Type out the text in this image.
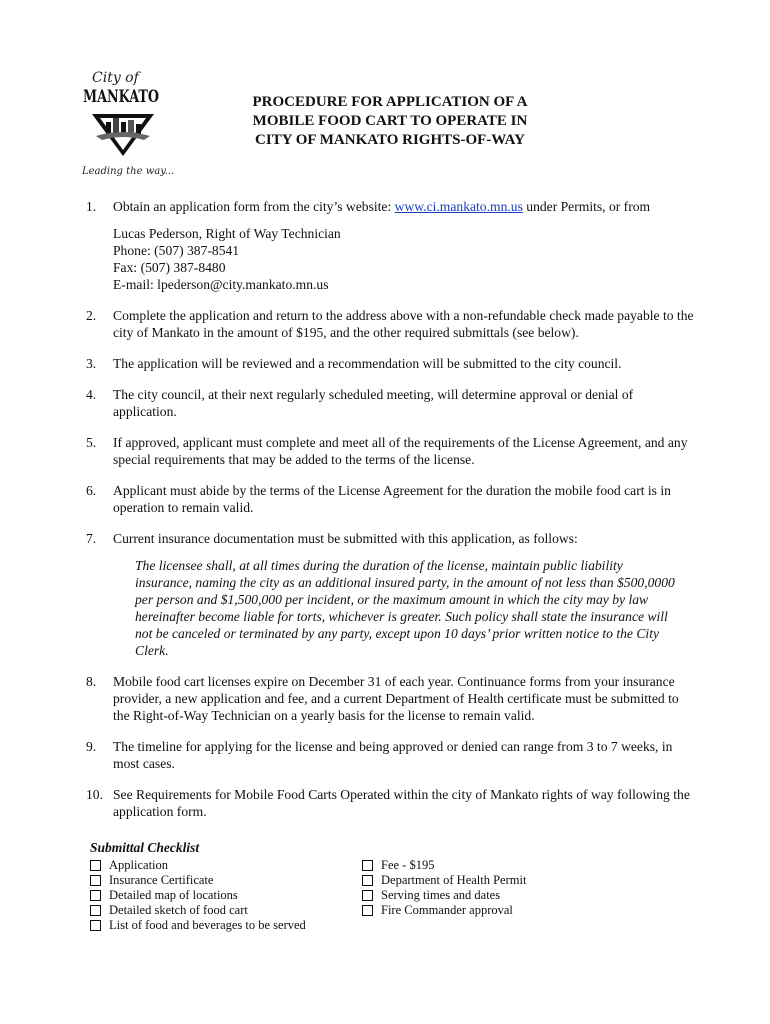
City of
MANKATO
Leading the way...
PROCEDURE FOR APPLICATION OF A
MOBILE FOOD CART TO OPERATE IN
CITY OF MANKATO RIGHTS-OF-WAY
1.	Obtain an application form from the city’s website: www.ci.mankato.mn.us under Permits, or from
Lucas Pederson, Right of Way Technician
Phone: (507) 387-8541
Fax: (507) 387-8480
E-mail: lpederson@city.mankato.mn.us
2.	Complete the application and return to the address above with a non-refundable check made payable to the city of Mankato in the amount of $195, and the other required submittals (see below).
3.	The application will be reviewed and a recommendation will be submitted to the city council.
4.	The city council, at their next regularly scheduled meeting, will determine approval or denial of application.
5.	If approved, applicant must complete and meet all of the requirements of the License Agreement, and any special requirements that may be added to the terms of the license.
6.	Applicant must abide by the terms of the License Agreement for the duration the mobile food cart is in operation to remain valid.
7.	Current insurance documentation must be submitted with this application, as follows:
The licensee shall, at all times during the duration of the license, maintain public liability insurance, naming the city as an additional insured party, in the amount of not less than $500,0000 per person and $1,500,000 per incident, or the maximum amount in which the city may by law hereinafter become liable for torts, whichever is greater. Such policy shall state the insurance will not be canceled or terminated by any party, except upon 10 days’ prior written notice to the City Clerk.
8.	Mobile food cart licenses expire on December 31 of each year. Continuance forms from your insurance provider, a new application and fee, and a current Department of Health certificate must be submitted to the Right-of-Way Technician on a yearly basis for the license to remain valid.
9.	The timeline for applying for the license and being approved or denied can range from 3 to 7 weeks, in most cases.
10. See Requirements for Mobile Food Carts Operated within the city of Mankato rights of way following the application form.
Submittal Checklist
Application
Insurance Certificate
Detailed map of locations
Detailed sketch of food cart
List of food and beverages to be served
Fee - $195
Department of Health Permit
Serving times and dates
Fire Commander approval
